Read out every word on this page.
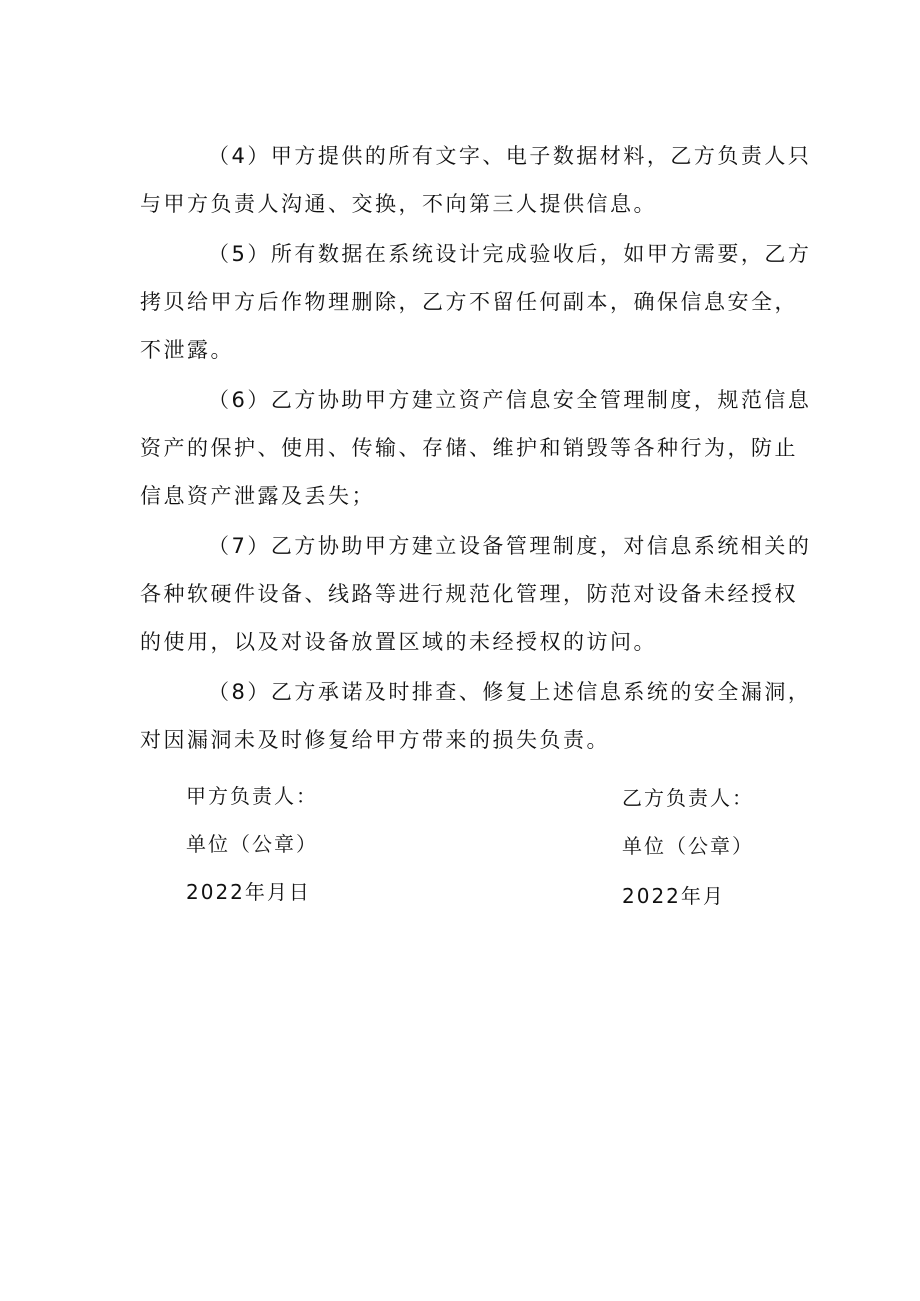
（4）甲方提供的所有文字、电子数据材料，乙方负责人只
与甲方负责人沟通、交换，不向第三人提供信息。

（5）所有数据在系统设计完成验收后，如甲方需要，乙方
拷贝给甲方后作物理删除，乙方不留任何副本，确保信息安全，
不泄露。

（6）乙方协助甲方建立资产信息安全管理制度，规范信息
资产的保护、使用、传输、存储、维护和销毁等各种行为，防止
信息资产泄露及丢失；

（7）乙方协助甲方建立设备管理制度，对信息系统相关的
各种软硬件设备、线路等进行规范化管理，防范对设备未经授权
的使用，以及对设备放置区域的未经授权的访问。

（8）乙方承诺及时排查、修复上述信息系统的安全漏洞，
对因漏洞未及时修复给甲方带来的损失负责。

甲方负责人：

单位（公章）

2022年月日

乙方负责人：

单位（公章）

2022年月
